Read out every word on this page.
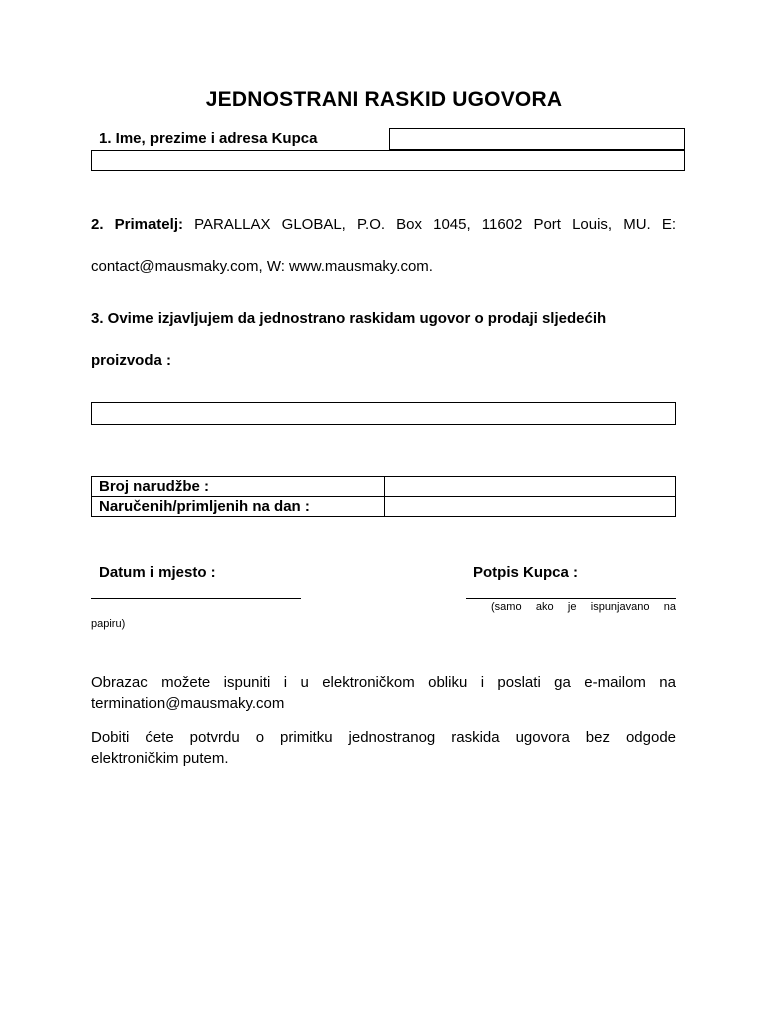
JEDNOSTRANI RASKID UGOVORA
1. Ime, prezime i adresa Kupca
2. Primatelj: PARALLAX GLOBAL, P.O. Box 1045, 11602 Port Louis, MU. E:
contact@mausmaky.com, W: www.mausmaky.com.
3. Ovime izjavljujem da jednostrano raskidam ugovor o prodaji sljedećih
proizvoda :
Broj narudžbe :	
Naručenih/primljenih na dan :	
Datum i mjesto :	Potpis Kupca :
(samo ako je ispunjavano na
papiru)
Obrazac možete ispuniti i u elektroničkom obliku i poslati ga e-mailom na
termination@mausmaky.com
Dobiti ćete potvrdu o primitku jednostranog raskida ugovora bez odgode
elektroničkim putem.
